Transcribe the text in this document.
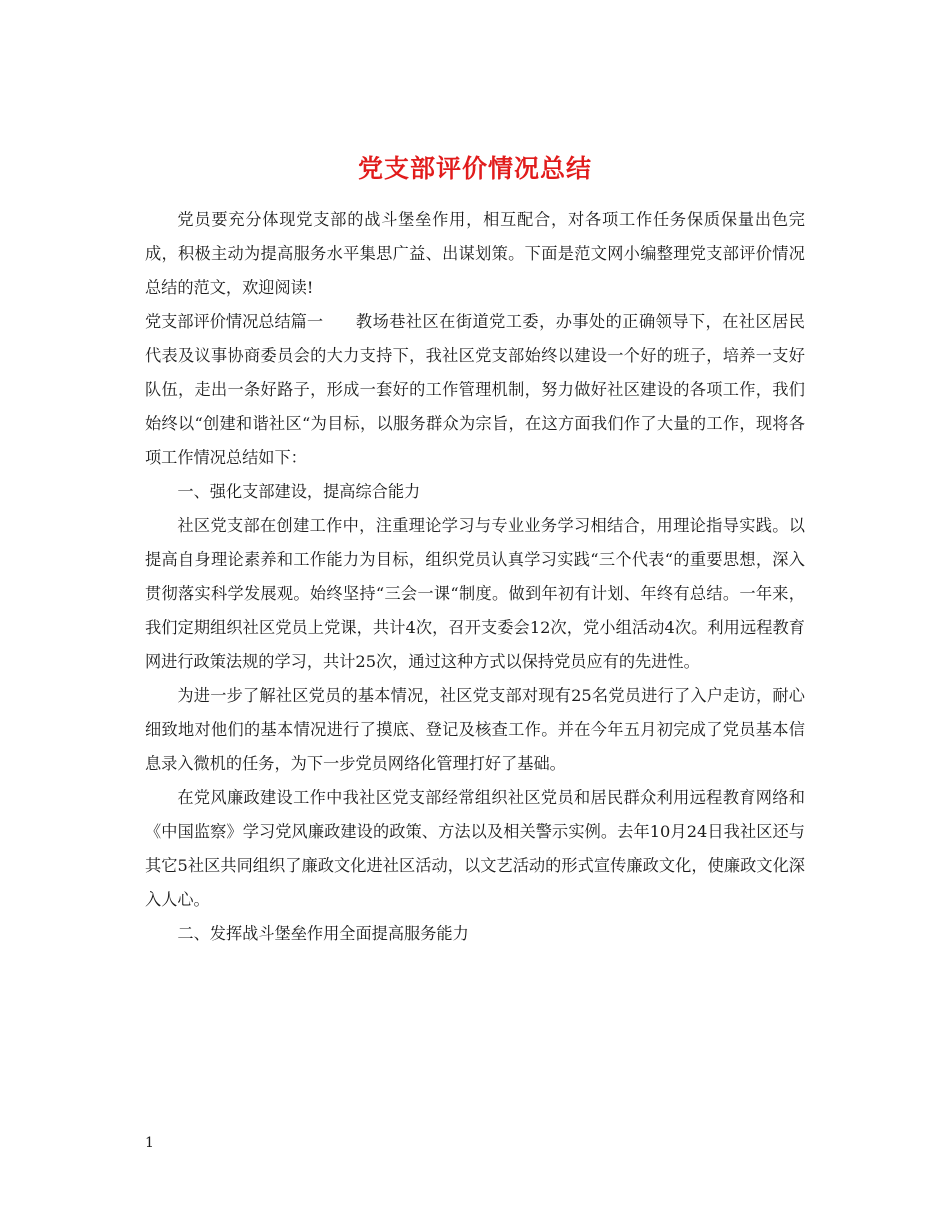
党支部评价情况总结

党员要充分体现党支部的战斗堡垒作用，相互配合，对各项工作任务保质保量出色完成，积极主动为提高服务水平集思广益、出谋划策。下面是范文网小编整理党支部评价情况总结的范文，欢迎阅读!

党支部评价情况总结篇一 教场巷社区在街道党工委，办事处的正确领导下，在社区居民代表及议事协商委员会的大力支持下，我社区党支部始终以建设一个好的班子，培养一支好队伍，走出一条好路子，形成一套好的工作管理机制，努力做好社区建设的各项工作，我们始终以“创建和谐社区“为目标，以服务群众为宗旨，在这方面我们作了大量的工作，现将各项工作情况总结如下：

一、强化支部建设，提高综合能力

社区党支部在创建工作中，注重理论学习与专业业务学习相结合，用理论指导实践。以提高自身理论素养和工作能力为目标，组织党员认真学习实践“三个代表“的重要思想，深入贯彻落实科学发展观。始终坚持“三会一课“制度。做到年初有计划、年终有总结。一年来，我们定期组织社区党员上党课，共计4次，召开支委会12次，党小组活动4次。利用远程教育网进行政策法规的学习，共计25次，通过这种方式以保持党员应有的先进性。

为进一步了解社区党员的基本情况，社区党支部对现有25名党员进行了入户走访，耐心细致地对他们的基本情况进行了摸底、登记及核查工作。并在今年五月初完成了党员基本信息录入微机的任务，为下一步党员网络化管理打好了基础。

在党风廉政建设工作中我社区党支部经常组织社区党员和居民群众利用远程教育网络和《中国监察》学习党风廉政建设的政策、方法以及相关警示实例。去年10月24日我社区还与其它5社区共同组织了廉政文化进社区活动，以文艺活动的形式宣传廉政文化，使廉政文化深入人心。

二、发挥战斗堡垒作用全面提高服务能力

1
